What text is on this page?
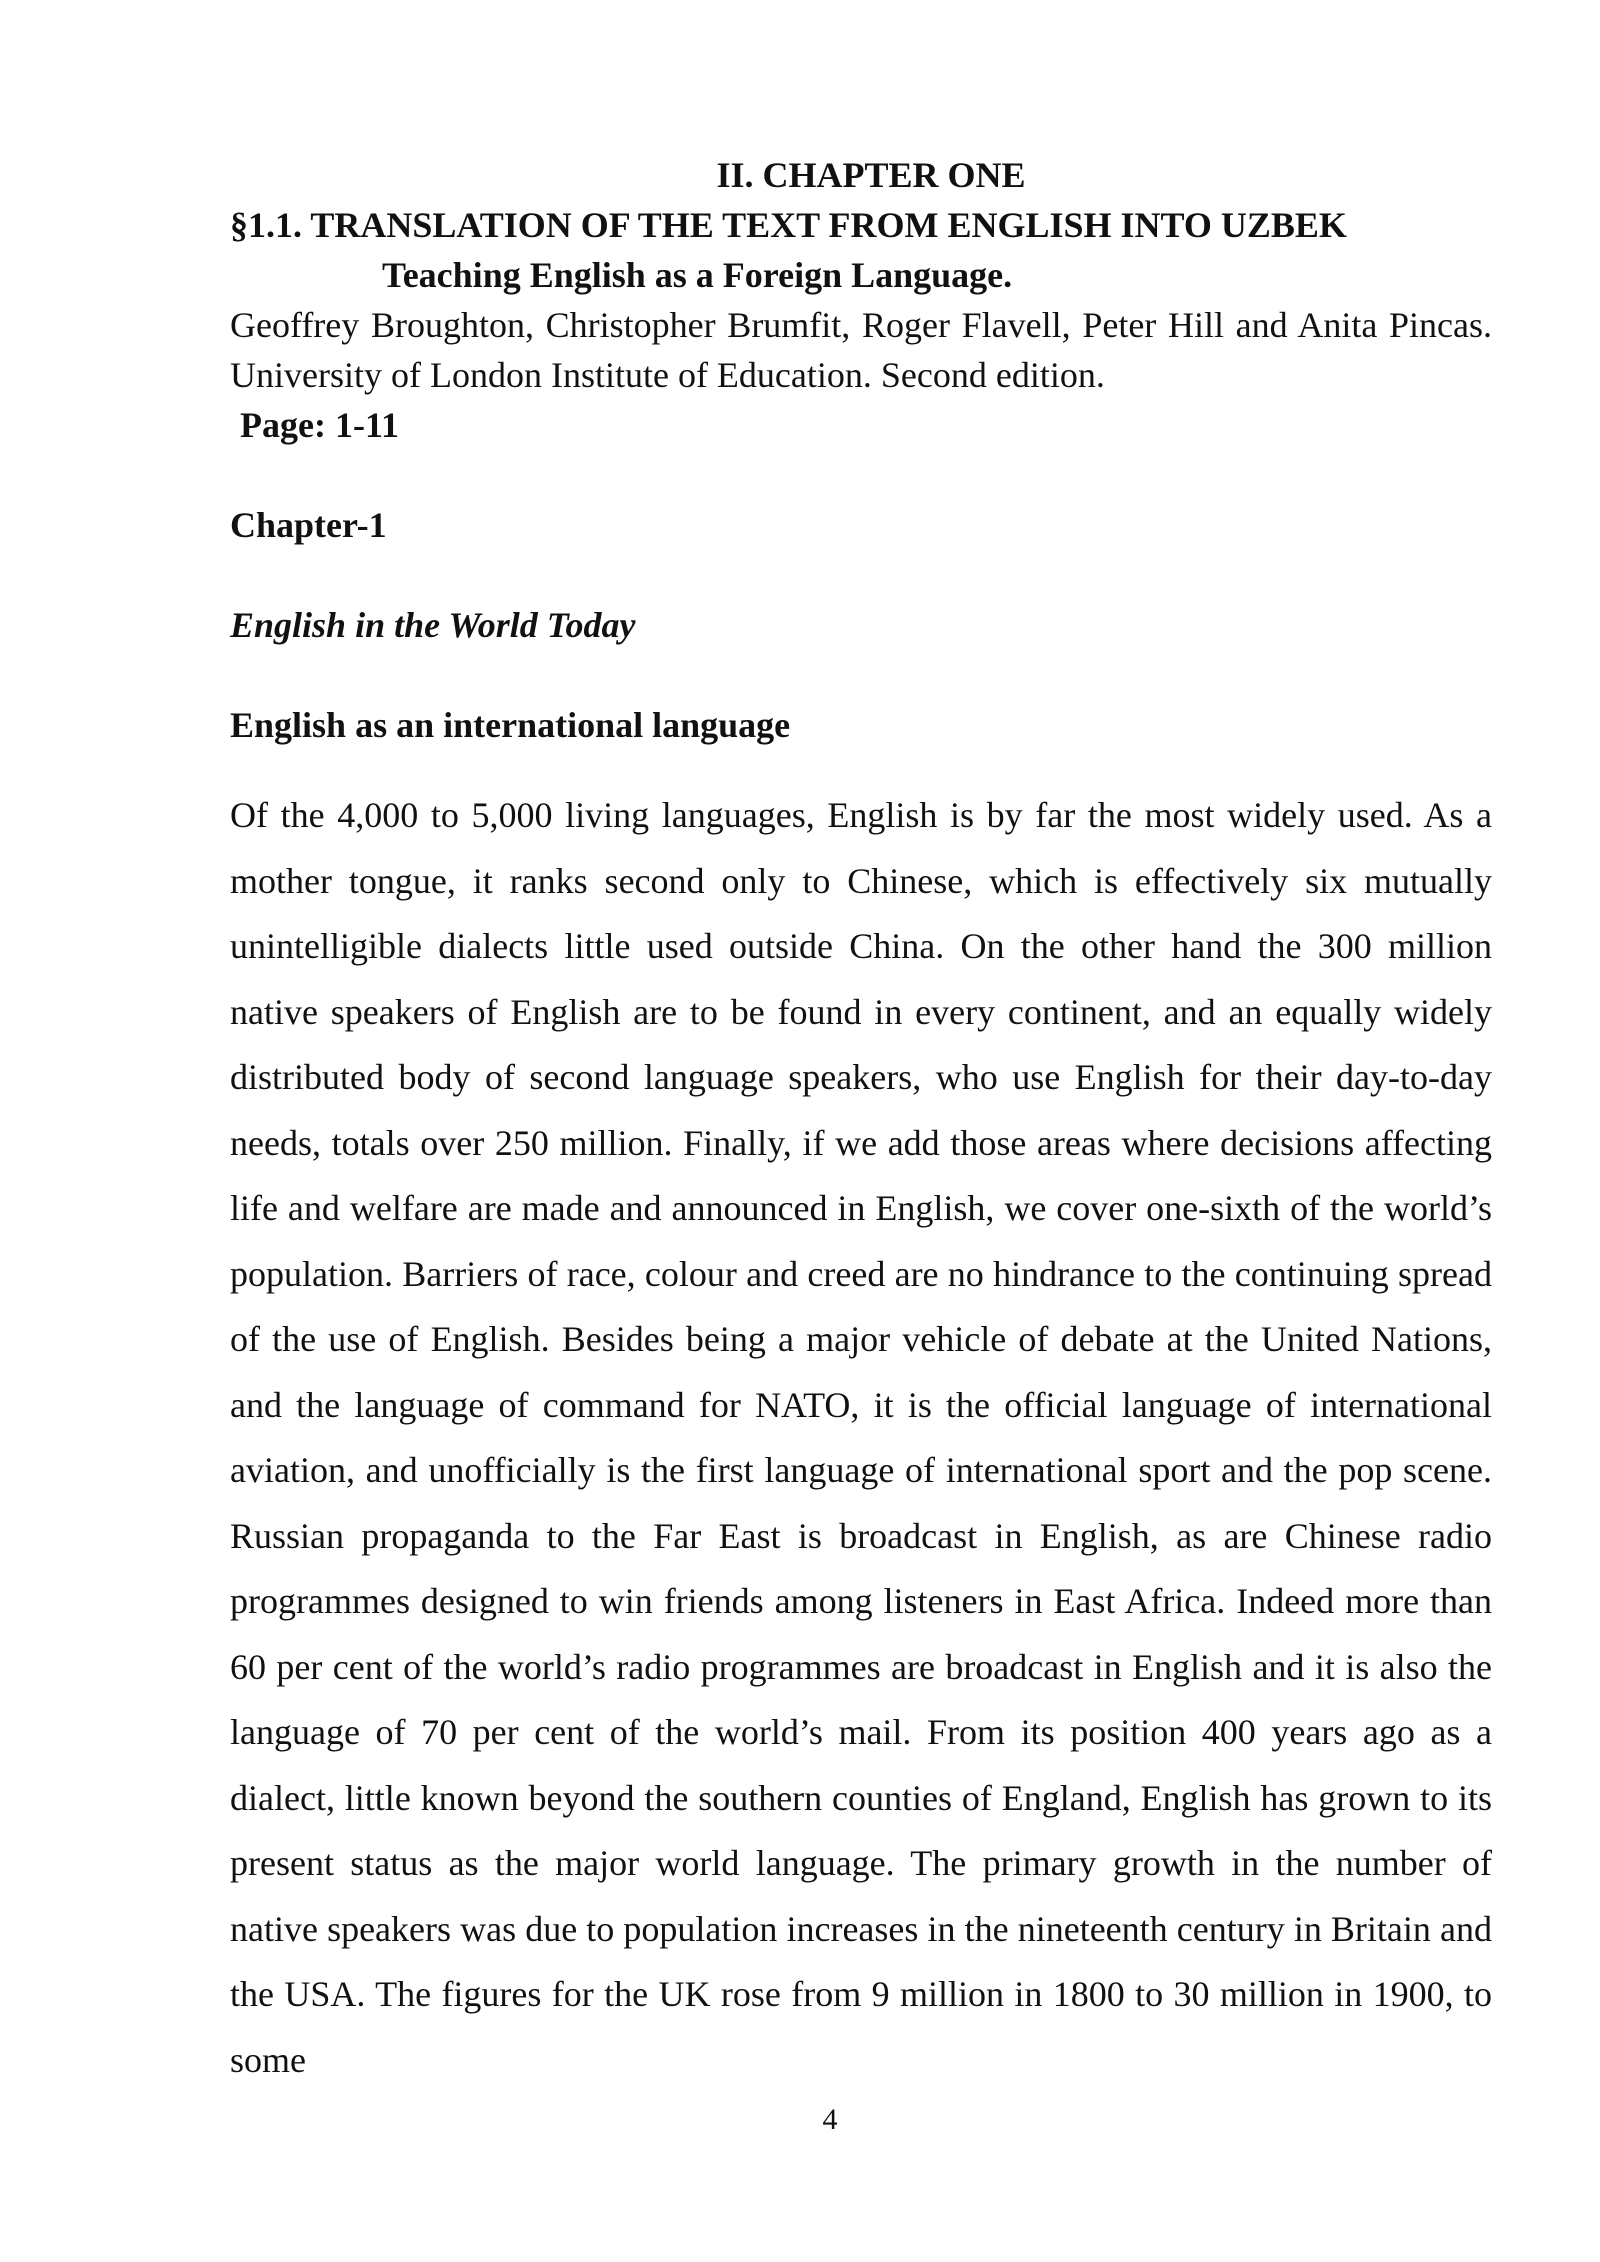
II. CHAPTER ONE

§1.1. TRANSLATION OF THE TEXT FROM ENGLISH INTO UZBEK

Teaching English as a Foreign Language.

Geoffrey Broughton, Christopher Brumfit, Roger Flavell, Peter Hill and Anita Pincas. University of London Institute of Education. Second edition.

Page: 1-11

Chapter-1

English in the World Today

English as an international language

Of the 4,000 to 5,000 living languages, English is by far the most widely used. As a mother tongue, it ranks second only to Chinese, which is effectively six mutually unintelligible dialects little used outside China. On the other hand the 300 million native speakers of English are to be found in every continent, and an equally widely distributed body of second language speakers, who use English for their day-to-day needs, totals over 250 million. Finally, if we add those areas where decisions affecting life and welfare are made and announced in English, we cover one-sixth of the world’s population. Barriers of race, colour and creed are no hindrance to the continuing spread of the use of English. Besides being a major vehicle of debate at the United Nations, and the language of command for NATO, it is the official language of international aviation, and unofficially is the first language of international sport and the pop scene. Russian propaganda to the Far East is broadcast in English, as are Chinese radio programmes designed to win friends among listeners in East Africa. Indeed more than 60 per cent of the world’s radio programmes are broadcast in English and it is also the language of 70 per cent of the world’s mail. From its position 400 years ago as a dialect, little known beyond the southern counties of England, English has grown to its present status as the major world language. The primary growth in the number of native speakers was due to population increases in the nineteenth century in Britain and the USA. The figures for the UK rose from 9 million in 1800 to 30 million in 1900, to some

4
